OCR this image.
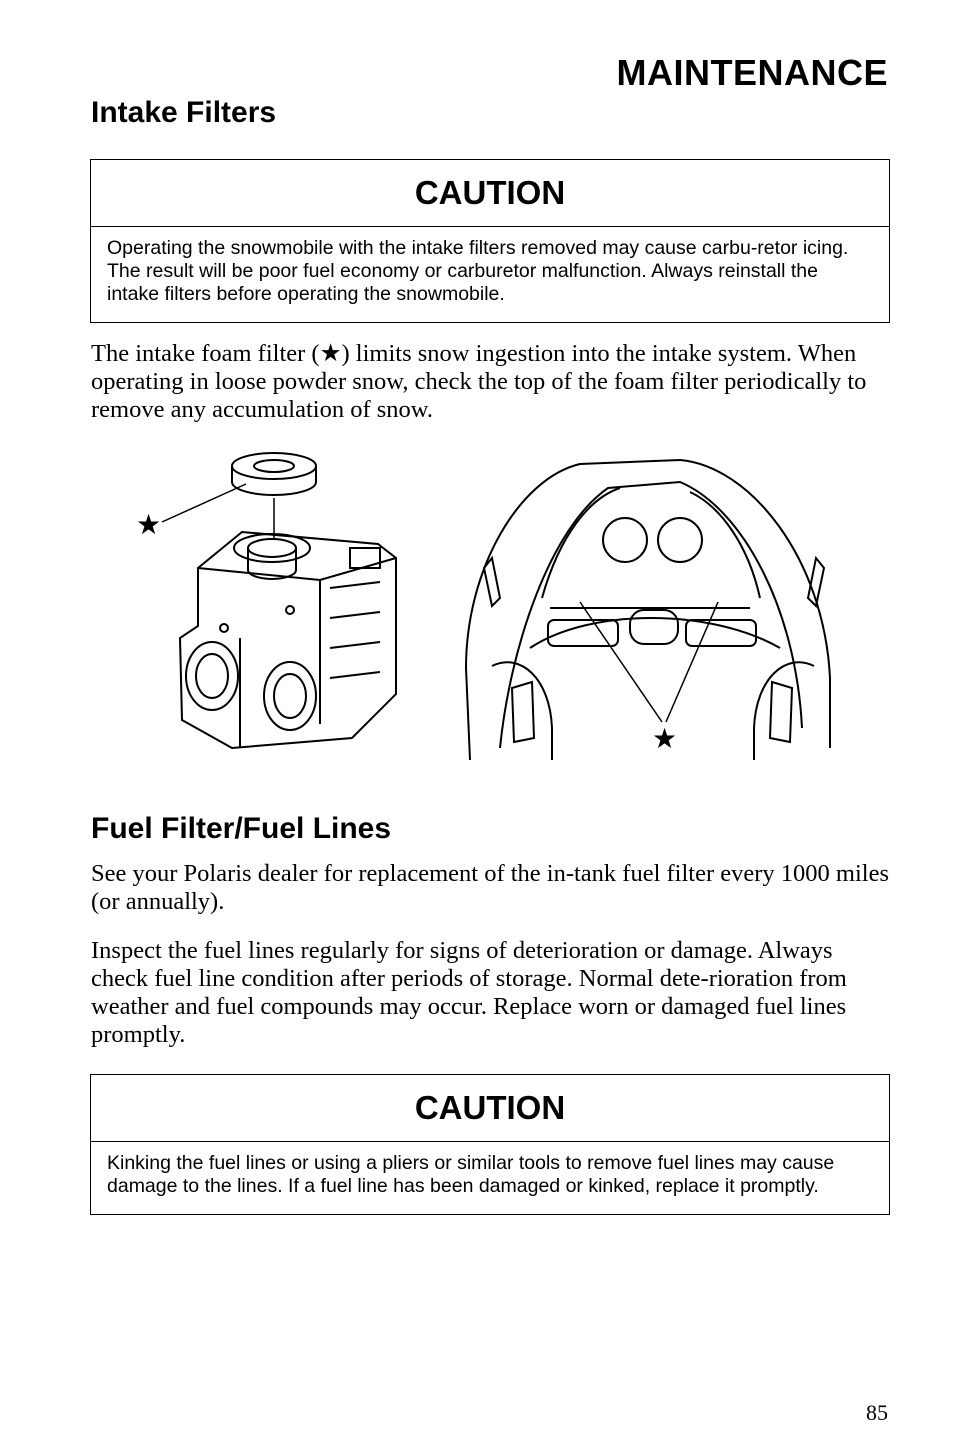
MAINTENANCE
Intake Filters
CAUTION
Operating the snowmobile with the intake filters removed may cause carbu-retor icing. The result will be poor fuel economy or carburetor malfunction. Always reinstall the intake filters before operating the snowmobile.
The intake foam filter (★) limits snow ingestion into the intake system. When operating in loose powder snow, check the top of the foam filter periodically to remove any accumulation of snow.
★
★
Fuel Filter/Fuel Lines
See your Polaris dealer for replacement of the in-tank fuel filter every 1000 miles (or annually).
Inspect the fuel lines regularly for signs of deterioration or damage. Always check fuel line condition after periods of storage. Normal dete-rioration from weather and fuel compounds may occur. Replace worn or damaged fuel lines promptly.
CAUTION
Kinking the fuel lines or using a pliers or similar tools to remove fuel lines may cause damage to the lines. If a fuel line has been damaged or kinked, replace it promptly.
85
